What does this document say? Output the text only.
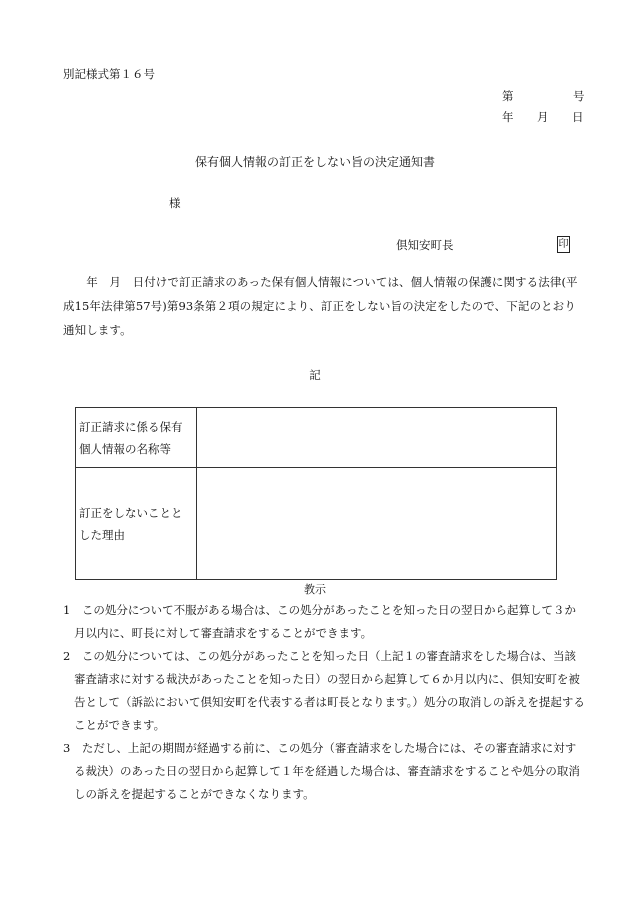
別記様式第１６号
第	号
年 月 日
保有個人情報の訂正をしない旨の決定通知書
様
倶知安町長	印
　　年　月　日付けで訂正請求のあった保有個人情報については、個人情報の保護に関する法律(平成15年法律第57号)第93条第２項の規定により、訂正をしない旨の決定をしたので、下記のとおり通知します。
記
訂正請求に係る保有個人情報の名称等	
訂正をしないこととした理由	
教示

1　この処分について不服がある場合は、この処分があったことを知った日の翌日から起算して３か月以内に、町長に対して審査請求をすることができます。

2　この処分については、この処分があったことを知った日（上記１の審査請求をした場合は、当該審査請求に対する裁決があったことを知った日）の翌日から起算して６か月以内に、倶知安町を被告として（訴訟において倶知安町を代表する者は町長となります。）処分の取消しの訴えを提起することができます。

3　ただし、上記の期間が経過する前に、この処分（審査請求をした場合には、その審査請求に対する裁決）のあった日の翌日から起算して１年を経過した場合は、審査請求をすることや処分の取消しの訴えを提起することができなくなります。
